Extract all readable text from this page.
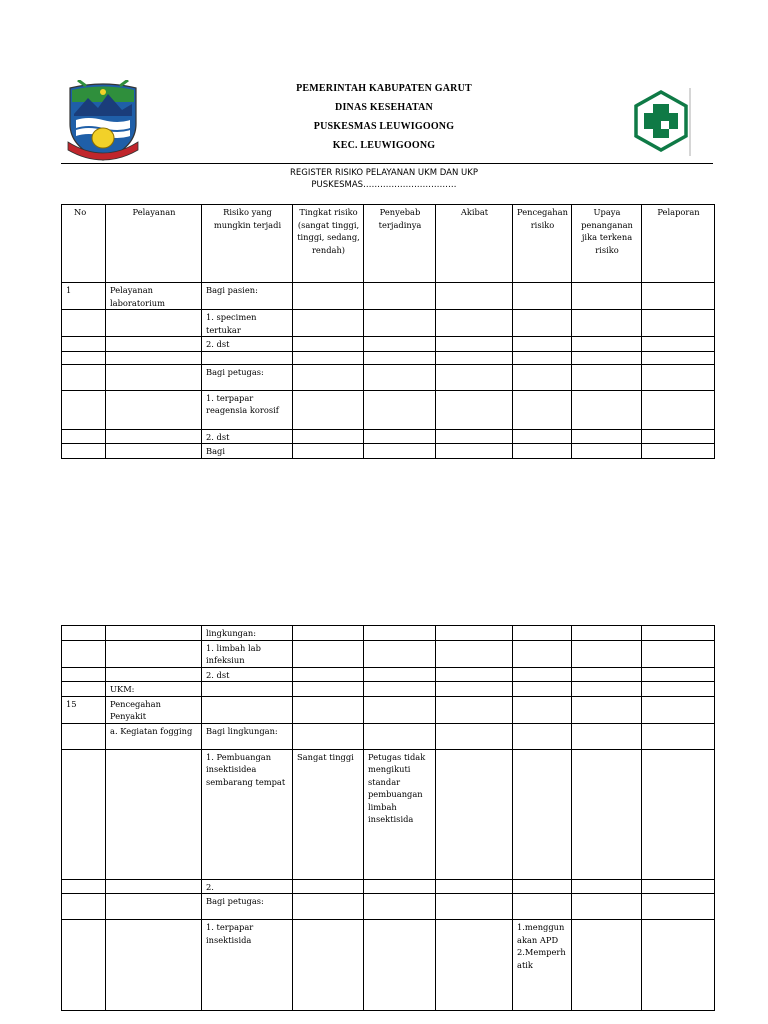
PEMERINTAH KABUPATEN GARUT
DINAS KESEHATAN
PUSKESMAS LEUWIGOONG
KEC. LEUWIGOONG
REGISTER RISIKO PELAYANAN UKM DAN UKP
PUSKESMAS……………………………
No	Pelayanan	Risiko yang mungkin terjadi	Tingkat risiko (sangat tinggi, tinggi, sedang, rendah)	Penyebab terjadinya	Akibat	Pencegahan risiko	Upaya penanganan jika terkena risiko	Pelaporan
1	Pelayanan laboratorium	Bagi pasien:						
		1. specimen tertukar						
		2. dst						

		Bagi petugas:						
		1. terpapar reagensia korosif						
		2. dst						
		Bagi						
		lingkungan:						
		1. limbah lab infeksiun						
		2. dst						
	UKM:							
15	Pencegahan Penyakit							
	a. Kegiatan fogging	Bagi lingkungan:						
		1. Pembuangan insektisidea sembarang tempat	Sangat tinggi	Petugas tidak mengikuti standar pembuangan limbah insektisida				
		2.						
		Bagi petugas:						
		1. terpapar insektisida				1.menggunakan APD 2.Memperhatik		
